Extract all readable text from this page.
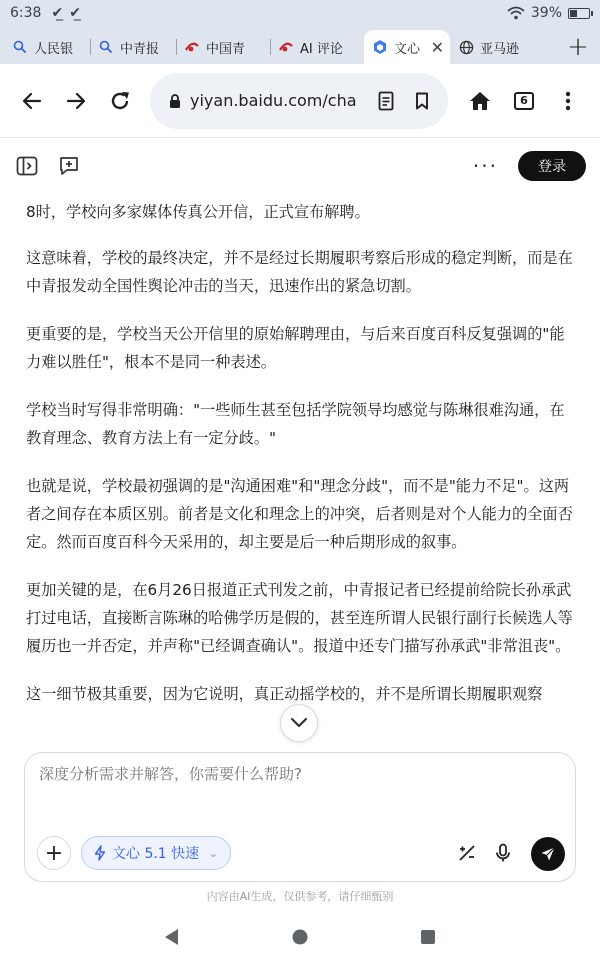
6:38 ✔̲ ✔̲	39%
人民银	中青报	中国青	AI 评论	文心 ✕	亚马逊	+
yiyan.baidu.com/cha	6
···	登录

8时，学校向多家媒体传真公开信，正式宣布解聘。

这意味着，学校的最终决定，并不是经过长期履职考察后形成的稳定判断，而是在中青报发动全国性舆论冲击的当天，迅速作出的紧急切割。

更重要的是，学校当天公开信里的原始解聘理由，与后来百度百科反复强调的"能力难以胜任"，根本不是同一种表述。

学校当时写得非常明确："一些师生甚至包括学院领导均感觉与陈琳很难沟通，在教育理念、教育方法上有一定分歧。"

也就是说，学校最初强调的是"沟通困难"和"理念分歧"，而不是"能力不足"。这两者之间存在本质区别。前者是文化和理念上的冲突，后者则是对个人能力的全面否定。然而百度百科今天采用的，却主要是后一种后期形成的叙事。

更加关键的是，在6月26日报道正式刊发之前，中青报记者已经提前给院长孙承武打过电话，直接断言陈琳的哈佛学历是假的，甚至连所谓人民银行副行长候选人等履历也一并否定，并声称"已经调查确认"。报道中还专门描写孙承武"非常沮丧"。

这一细节极其重要，因为它说明，真正动摇学校的，并不是所谓长期履职观察

深度分析需求并解答，你需要什么帮助?
+	文心 5.1 快速 ⌄
内容由AI生成，仅供参考，请仔细甄别
